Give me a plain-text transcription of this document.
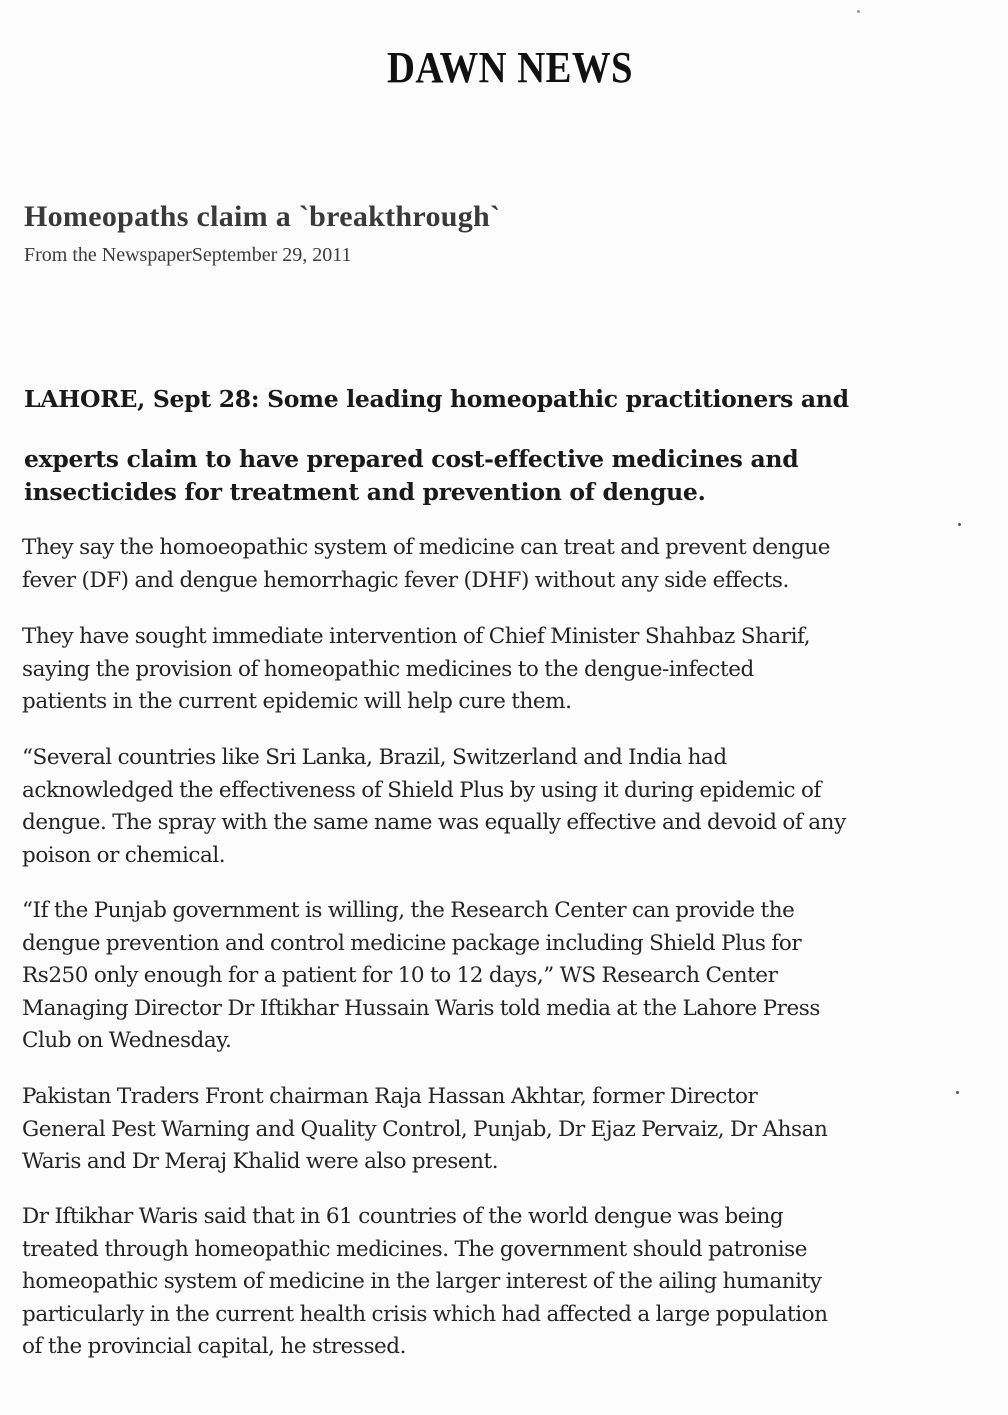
DAWN NEWS
Homeopaths claim a `breakthrough`
From the NewspaperSeptember 29, 2011
LAHORE, Sept 28: Some leading homeopathic practitioners and
experts claim to have prepared cost-effective medicines and
insecticides for treatment and prevention of dengue.
They say the homoeopathic system of medicine can treat and prevent dengue
fever (DF) and dengue hemorrhagic fever (DHF) without any side effects.
They have sought immediate intervention of Chief Minister Shahbaz Sharif,
saying the provision of homeopathic medicines to the dengue-infected
patients in the current epidemic will help cure them.
“Several countries like Sri Lanka, Brazil, Switzerland and India had
acknowledged the effectiveness of Shield Plus by using it during epidemic of
dengue. The spray with the same name was equally effective and devoid of any
poison or chemical.
“If the Punjab government is willing, the Research Center can provide the
dengue prevention and control medicine package including Shield Plus for
Rs250 only enough for a patient for 10 to 12 days,” WS Research Center
Managing Director Dr Iftikhar Hussain Waris told media at the Lahore Press
Club on Wednesday.
Pakistan Traders Front chairman Raja Hassan Akhtar, former Director
General Pest Warning and Quality Control, Punjab, Dr Ejaz Pervaiz, Dr Ahsan
Waris and Dr Meraj Khalid were also present.
Dr Iftikhar Waris said that in 61 countries of the world dengue was being
treated through homeopathic medicines. The government should patronise
homeopathic system of medicine in the larger interest of the ailing humanity
particularly in the current health crisis which had affected a large population
of the provincial capital, he stressed.
